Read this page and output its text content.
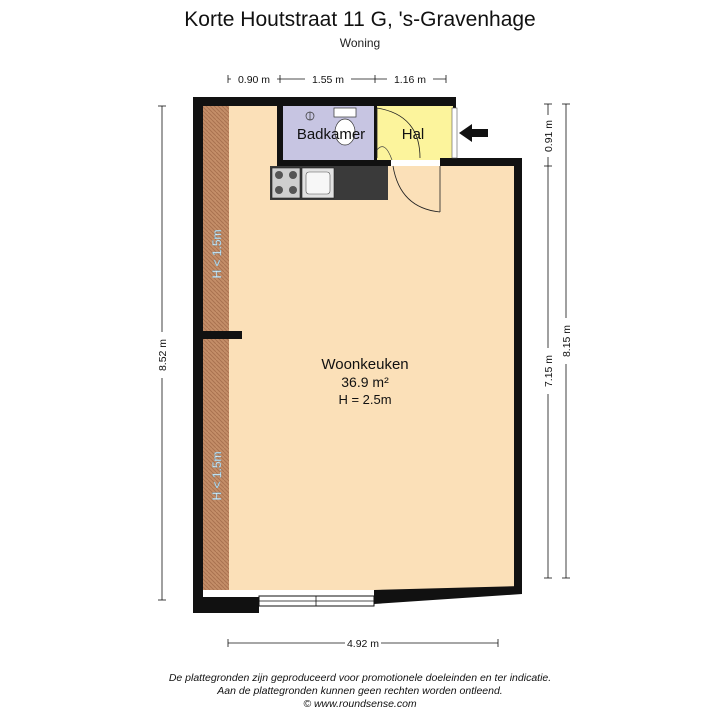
Korte Houtstraat 11 G, 's-Gravenhage
Woning
Badkamer Hal
Woonkeuken
36.9 m²
H = 2.5m
H < 1.5m
H < 1.5m
0.90 m	1.55 m	1.16 m
8.52 m
0.91 m
7.15 m
8.15 m
4.92 m
De plattegronden zijn geproduceerd voor promotionele doeleinden en ter indicatie.
Aan de plattegronden kunnen geen rechten worden ontleend.
© www.roundsense.com
